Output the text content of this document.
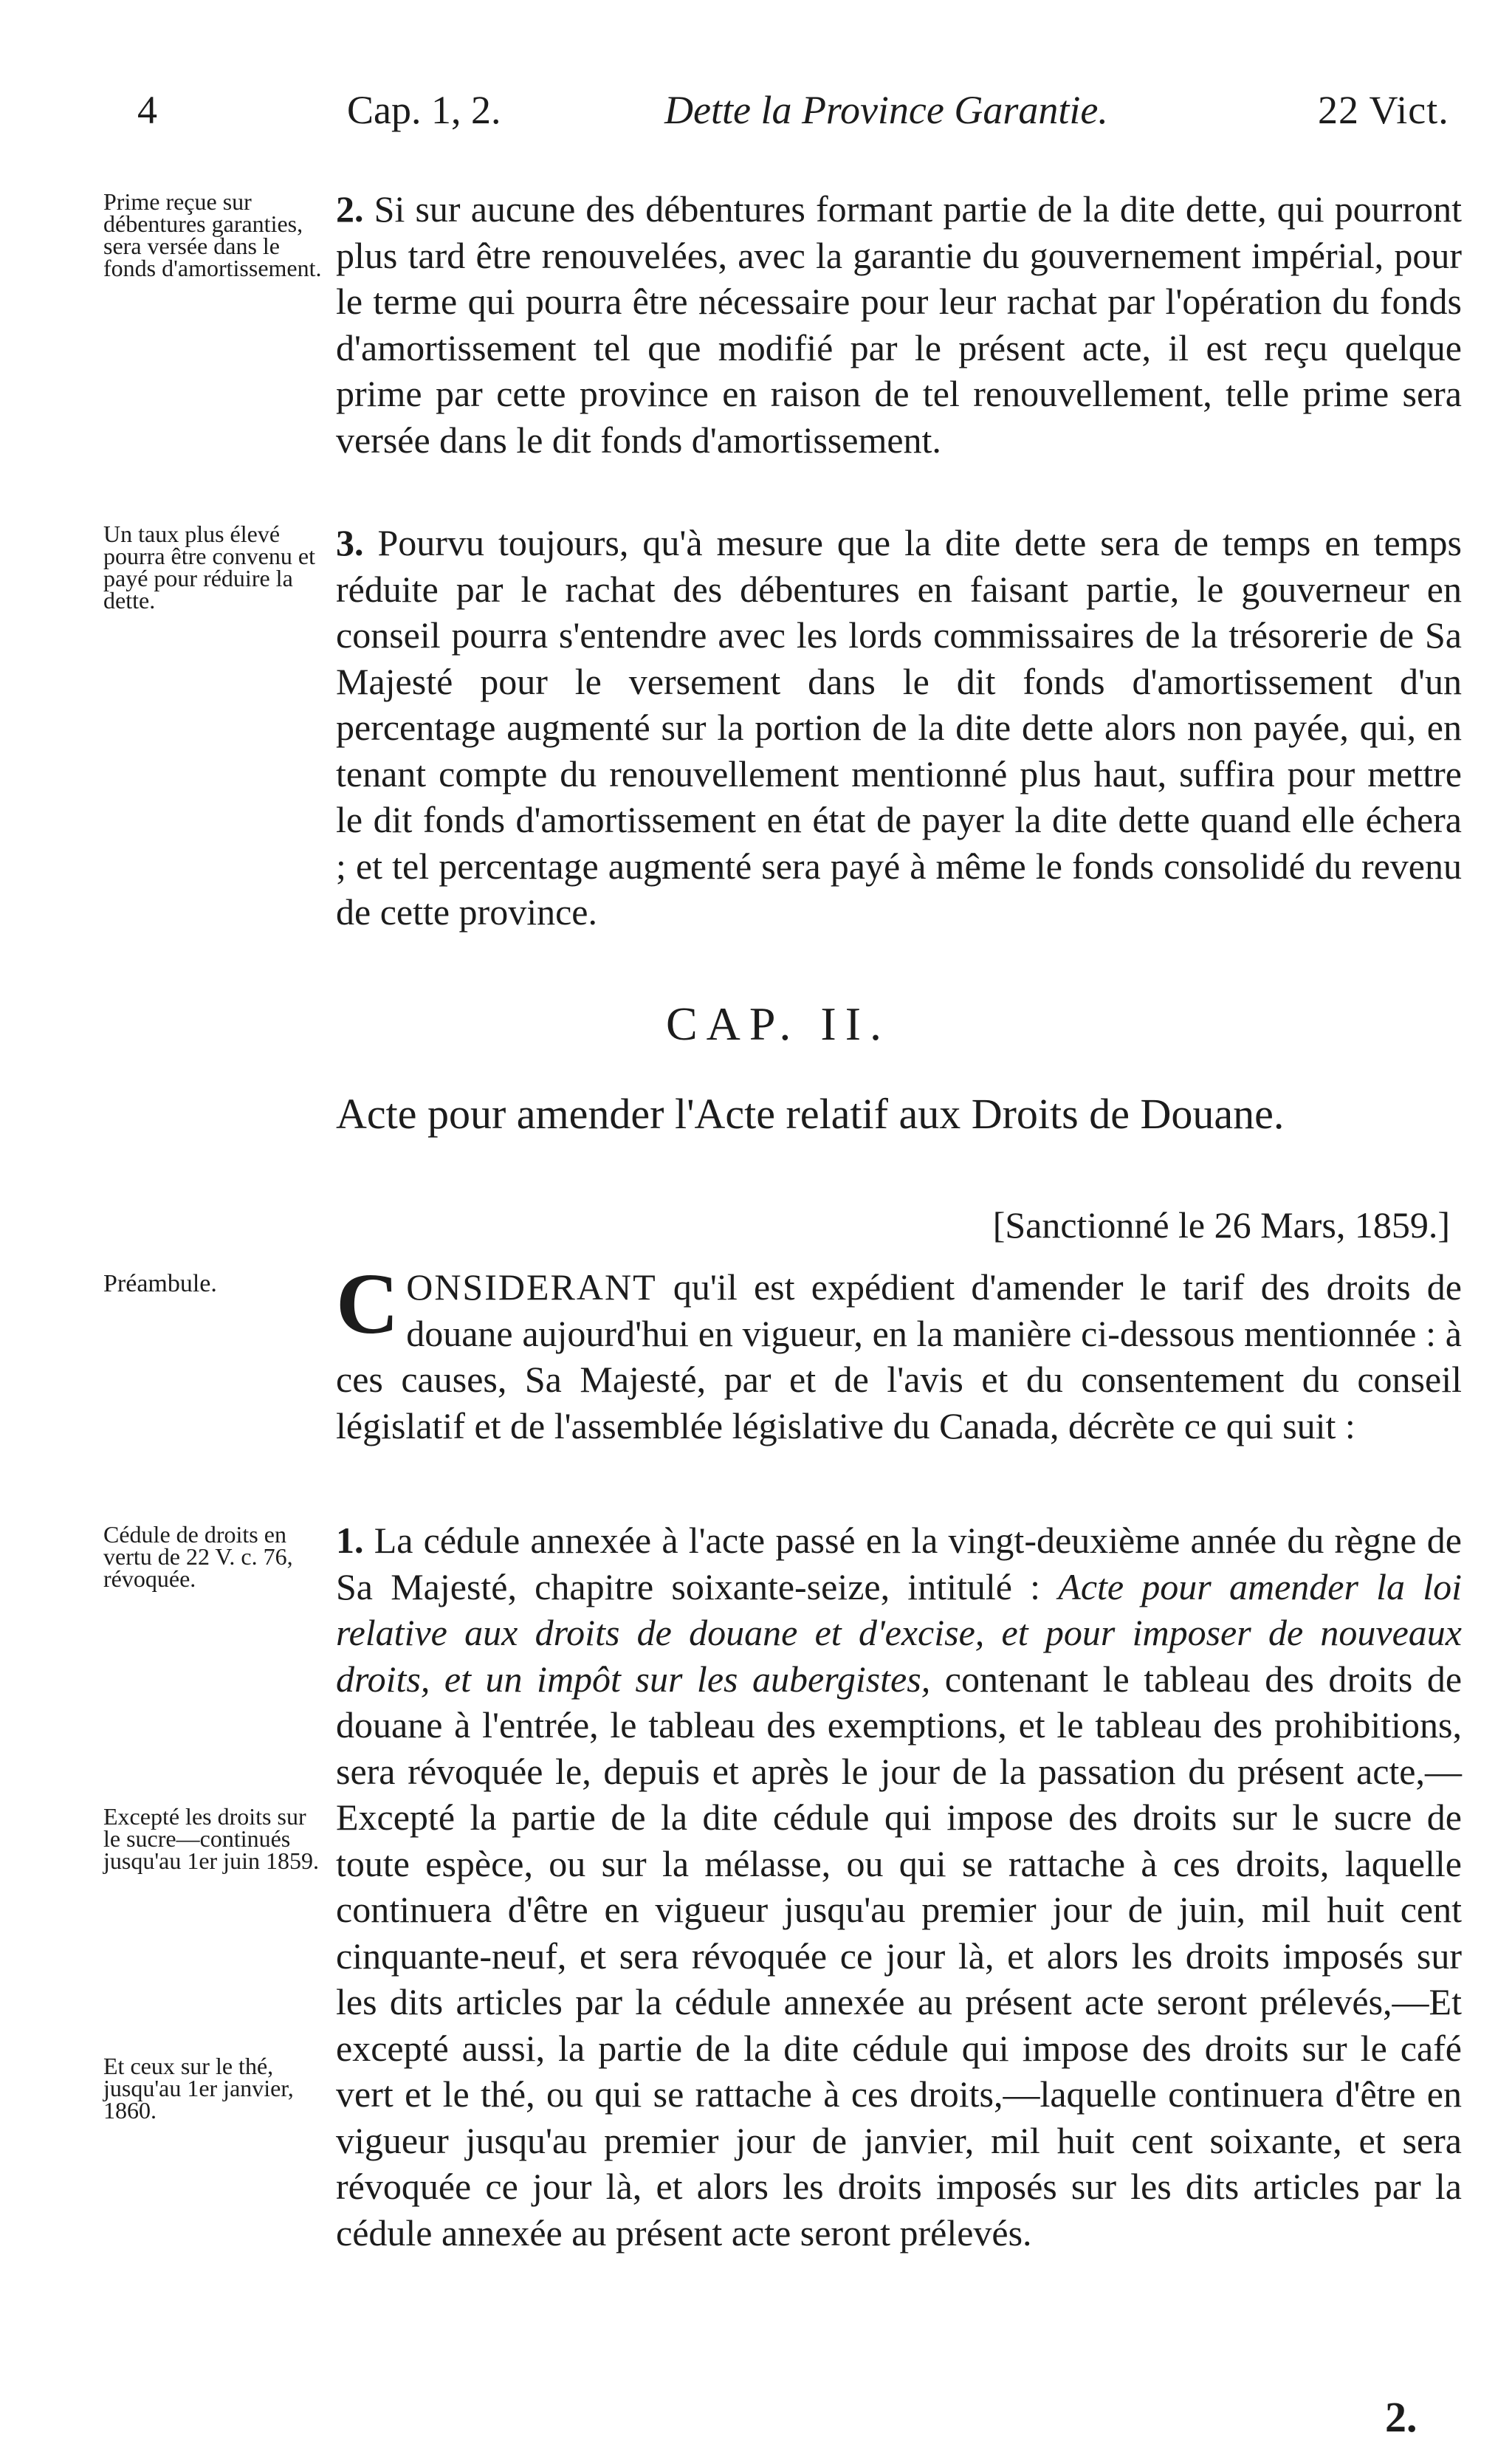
4	Cap. 1, 2.	Dette la Province Garantie.	22 Vict.
Prime reçue sur débentures garanties, sera versée dans le fonds d'amortissement.

2. Si sur aucune des débentures formant partie de la dite dette, qui pourront plus tard être renouvelées, avec la garantie du gouvernement impérial, pour le terme qui pourra être nécessaire pour leur rachat par l'opération du fonds d'amortissement tel que modifié par le présent acte, il est reçu quelque prime par cette province en raison de tel renouvellement, telle prime sera versée dans le dit fonds d'amortissement.

Un taux plus élevé pourra être convenu et payé pour réduire la dette.

3. Pourvu toujours, qu'à mesure que la dite dette sera de temps en temps réduite par le rachat des débentures en faisant partie, le gouverneur en conseil pourra s'entendre avec les lords commissaires de la trésorerie de Sa Majesté pour le versement dans le dit fonds d'amortissement d'un percentage augmenté sur la portion de la dite dette alors non payée, qui, en tenant compte du renouvellement mentionné plus haut, suffira pour mettre le dit fonds d'amortissement en état de payer la dite dette quand elle échera ; et tel percentage augmenté sera payé à même le fonds consolidé du revenu de cette province.

CAP. II.

Acte pour amender l'Acte relatif aux Droits de Douane.

[Sanctionné le 26 Mars, 1859.]
Préambule.	CONSIDERANT qu'il est expédient d'amender le tarif des droits de douane aujourd'hui en vigueur, en la manière ci-dessous mentionnée : à ces causes, Sa Majesté, par et de l'avis et du consentement du conseil législatif et de l'assemblée législative du Canada, décrète ce qui suit :

Cédule de droits en vertu de 22 V. c. 76, révoquée.
Excepté les droits sur le sucre—continués jusqu'au 1er juin 1859.
Et ceux sur le thé, jusqu'au 1er janvier, 1860.

1. La cédule annexée à l'acte passé en la vingt-deuxième année du règne de Sa Majesté, chapitre soixante-seize, intitulé : Acte pour amender la loi relative aux droits de douane et d'excise, et pour imposer de nouveaux droits, et un impôt sur les aubergistes, contenant le tableau des droits de douane à l'entrée, le tableau des exemptions, et le tableau des prohibitions, sera révoquée le, depuis et après le jour de la passation du présent acte,—Excepté la partie de la dite cédule qui impose des droits sur le sucre de toute espèce, ou sur la mélasse, ou qui se rattache à ces droits, laquelle continuera d'être en vigueur jusqu'au premier jour de juin, mil huit cent cinquante-neuf, et sera révoquée ce jour là, et alors les droits imposés sur les dits articles par la cédule annexée au présent acte seront prélevés,—Et excepté aussi, la partie de la dite cédule qui impose des droits sur le café vert et le thé, ou qui se rattache à ces droits,—laquelle continuera d'être en vigueur jusqu'au premier jour de janvier, mil huit cent soixante, et sera révoquée ce jour là, et alors les droits imposés sur les dits articles par la cédule annexée au présent acte seront prélevés.

2.
